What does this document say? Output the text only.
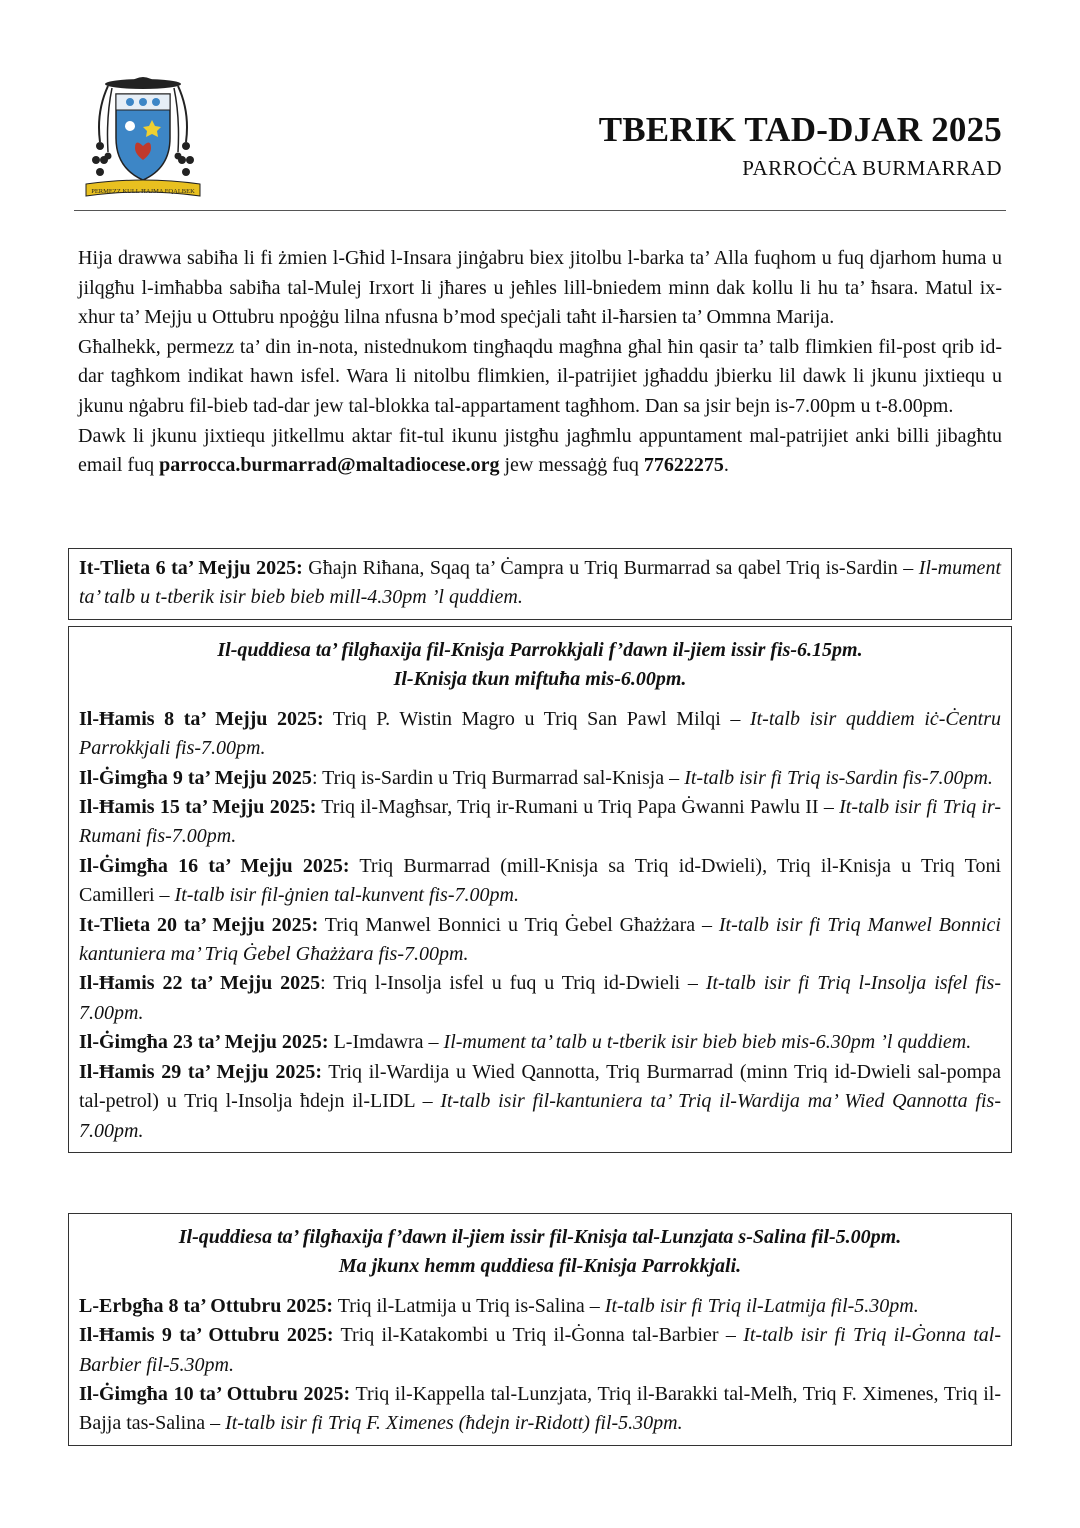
PERMEZZ KULL ĦAJMA FQALBEK
TBERIK TAD-DJAR 2025
PARROĊĊA BURMARRAD

Hija drawwa sabiħa li fi żmien l-Għid l-Insara jinġabru biex jitolbu l-barka ta’ Alla fuqhom u fuq djarhom huma u jilqgħu l-imħabba sabiħa tal-Mulej Irxort li jħares u jeħles lill-bniedem minn dak kollu li hu ta’ ħsara. Matul ix-xhur ta’ Mejju u Ottubru npoġġu lilna nfusna b’mod speċjali taħt il-ħarsien ta’ Ommna Marija.

Għalhekk, permezz ta’ din in-nota, nistednukom tingħaqdu magħna għal ħin qasir ta’ talb flimkien fil-post qrib id-dar tagħkom indikat hawn isfel. Wara li nitolbu flimkien, il-patrijiet jgħaddu jbierku lil dawk li jkunu jixtiequ u jkunu nġabru fil-bieb tad-dar jew tal-blokka tal-appartament tagħhom. Dan sa jsir bejn is-7.00pm u t-8.00pm.

Dawk li jkunu jixtiequ jitkellmu aktar fit-tul ikunu jistgħu jagħmlu appuntament mal-patrijiet anki billi jibagħtu email fuq parrocca.burmarrad@maltadiocese.org jew messaġġ fuq 77622275.

It-Tlieta 6 ta’ Mejju 2025: Għajn Riħana, Sqaq ta’ Ċampra u Triq Burmarrad sa qabel Triq is-Sardin – Il-mument ta’ talb u t-tberik isir bieb bieb mill-4.30pm ’l quddiem.

Il-quddiesa ta’ filgħaxija fil-Knisja Parrokkjali f’dawn il-jiem issir fis-6.15pm.

Il-Knisja tkun miftuħa mis-6.00pm.

Il-Ħamis 8 ta’ Mejju 2025: Triq P. Wistin Magro u Triq San Pawl Milqi – It-talb isir quddiem iċ-Ċentru Parrokkjali fis-7.00pm.

Il-Ġimgħa 9 ta’ Mejju 2025: Triq is-Sardin u Triq Burmarrad sal-Knisja – It-talb isir fi Triq is-Sardin fis-7.00pm.

Il-Ħamis 15 ta’ Mejju 2025: Triq il-Magħsar, Triq ir-Rumani u Triq Papa Ġwanni Pawlu II – It-talb isir fi Triq ir-Rumani fis-7.00pm.

Il-Ġimgħa 16 ta’ Mejju 2025: Triq Burmarrad (mill-Knisja sa Triq id-Dwieli), Triq il-Knisja u Triq Toni Camilleri – It-talb isir fil-ġnien tal-kunvent fis-7.00pm.

It-Tlieta 20 ta’ Mejju 2025: Triq Manwel Bonnici u Triq Ġebel Għażżara – It-talb isir fi Triq Manwel Bonnici kantuniera ma’ Triq Ġebel Għażżara fis-7.00pm.

Il-Ħamis 22 ta’ Mejju 2025: Triq l-Insolja isfel u fuq u Triq id-Dwieli – It-talb isir fi Triq l-Insolja isfel fis-7.00pm.

Il-Ġimgħa 23 ta’ Mejju 2025: L-Imdawra – Il-mument ta’ talb u t-tberik isir bieb bieb mis-6.30pm ’l quddiem.

Il-Ħamis 29 ta’ Mejju 2025: Triq il-Wardija u Wied Qannotta, Triq Burmarrad (minn Triq id-Dwieli sal-pompa tal-petrol) u Triq l-Insolja ħdejn il-LIDL – It-talb isir fil-kantuniera ta’ Triq il-Wardija ma’ Wied Qannotta fis-7.00pm.

Il-quddiesa ta’ filgħaxija f’dawn il-jiem issir fil-Knisja tal-Lunzjata s-Salina fil-5.00pm.

Ma jkunx hemm quddiesa fil-Knisja Parrokkjali.

L-Erbgħa 8 ta’ Ottubru 2025: Triq il-Latmija u Triq is-Salina – It-talb isir fi Triq il-Latmija fil-5.30pm.

Il-Ħamis 9 ta’ Ottubru 2025: Triq il-Katakombi u Triq il-Ġonna tal-Barbier – It-talb isir fi Triq il-Ġonna tal-Barbier fil-5.30pm.

Il-Ġimgħa 10 ta’ Ottubru 2025: Triq il-Kappella tal-Lunzjata, Triq il-Barakki tal-Melħ, Triq F. Ximenes, Triq il-Bajja tas-Salina – It-talb isir fi Triq F. Ximenes (ħdejn ir-Ridott) fil-5.30pm.
